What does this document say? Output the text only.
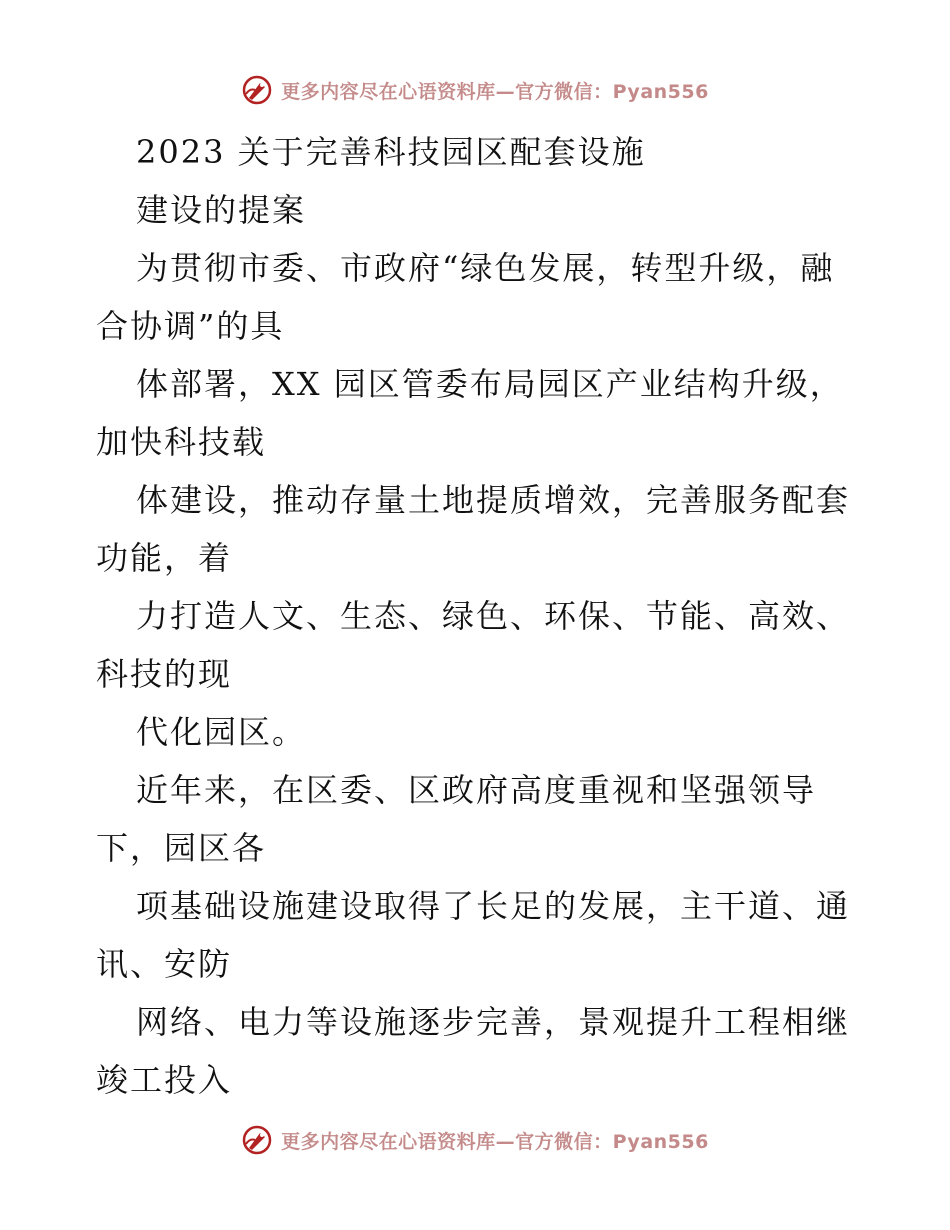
更多内容尽在心语资料库—官方微信：Pyan556

2023 关于完善科技园区配套设施

建设的提案

为贯彻市委、市政府“绿色发展，转型升级，融

合协调”的具

体部署，XX 园区管委布局园区产业结构升级，

加快科技载

体建设，推动存量土地提质增效，完善服务配套

功能，着

力打造人文、生态、绿色、环保、节能、高效、

科技的现

代化园区。

近年来，在区委、区政府高度重视和坚强领导

下，园区各

项基础设施建设取得了长足的发展，主干道、通

讯、安防

网络、电力等设施逐步完善，景观提升工程相继

竣工投入

更多内容尽在心语资料库—官方微信：Pyan556
